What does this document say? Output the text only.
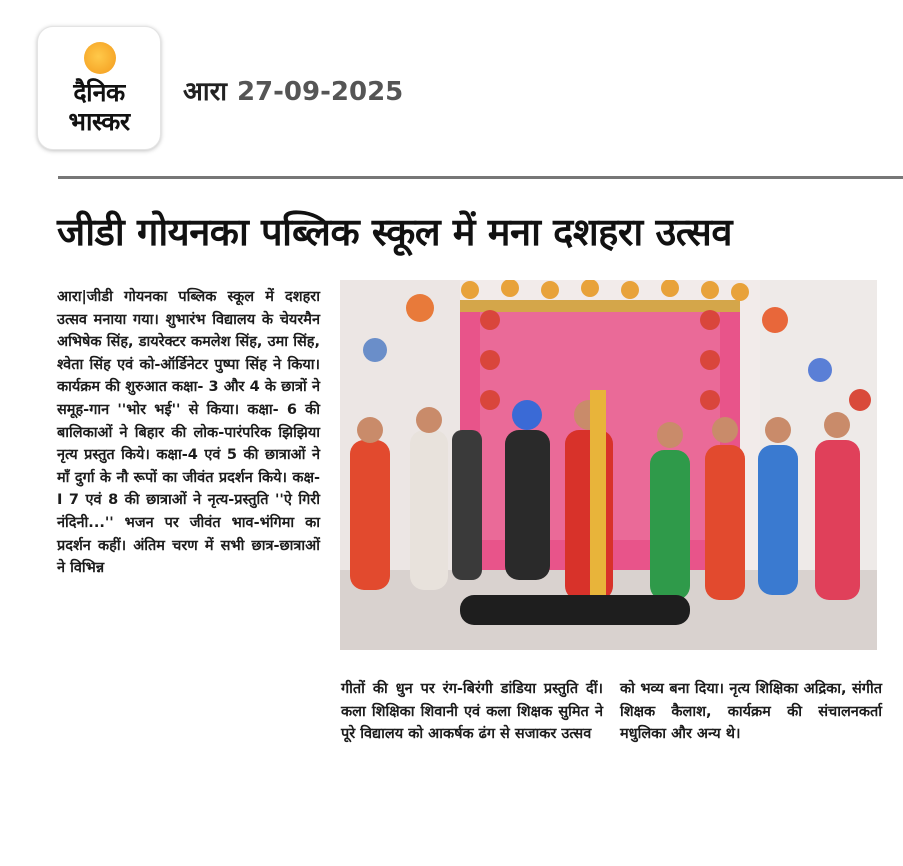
दैनिक
भास्कर
आरा 27-09-2025
जीडी गोयनका पब्लिक स्कूल में मना दशहरा उत्सव
आरा|जीडी गोयनका पब्लिक स्कूल में दशहरा उत्सव मनाया गया। शुभारंभ विद्यालय के चेयरमैन अभिषेक सिंह, डायरेक्टर कमलेश सिंह, उमा सिंह, श्वेता सिंह एवं को-ऑर्डिनेटर पुष्पा सिंह ने किया। कार्यक्रम की शुरुआत कक्षा- 3 और 4 के छात्रों ने समूह-गान ''भोर भई'' से किया। कक्षा- 6 की बालिकाओं ने बिहार की लोक-पारंपरिक झिझिया नृत्य प्रस्तुत किये। कक्षा-4 एवं 5 की छात्राओं ने माँ दुर्गा के नौ रूपों का जीवंत प्रदर्शन किये। कक्ष-I 7 एवं 8 की छात्राओं ने नृत्य-प्रस्तुति ''ऐ गिरी नंदिनी...'' भजन पर जीवंत भाव-भंगिमा का प्रदर्शन कहीं। अंतिम चरण में सभी छात्र-छात्राओं ने विभिन्न
गीतों की धुन पर रंग-बिरंगी डांडिया प्रस्तुति दीं। कला शिक्षिका शिवानी एवं कला शिक्षक सुमित ने पूरे विद्यालय को आकर्षक ढंग से सजाकर उत्सव
को भव्य बना दिया। नृत्य शिक्षिका अद्रिका, संगीत शिक्षक कैलाश, कार्यक्रम की संचालनकर्ता मधुलिका और अन्य थे।
